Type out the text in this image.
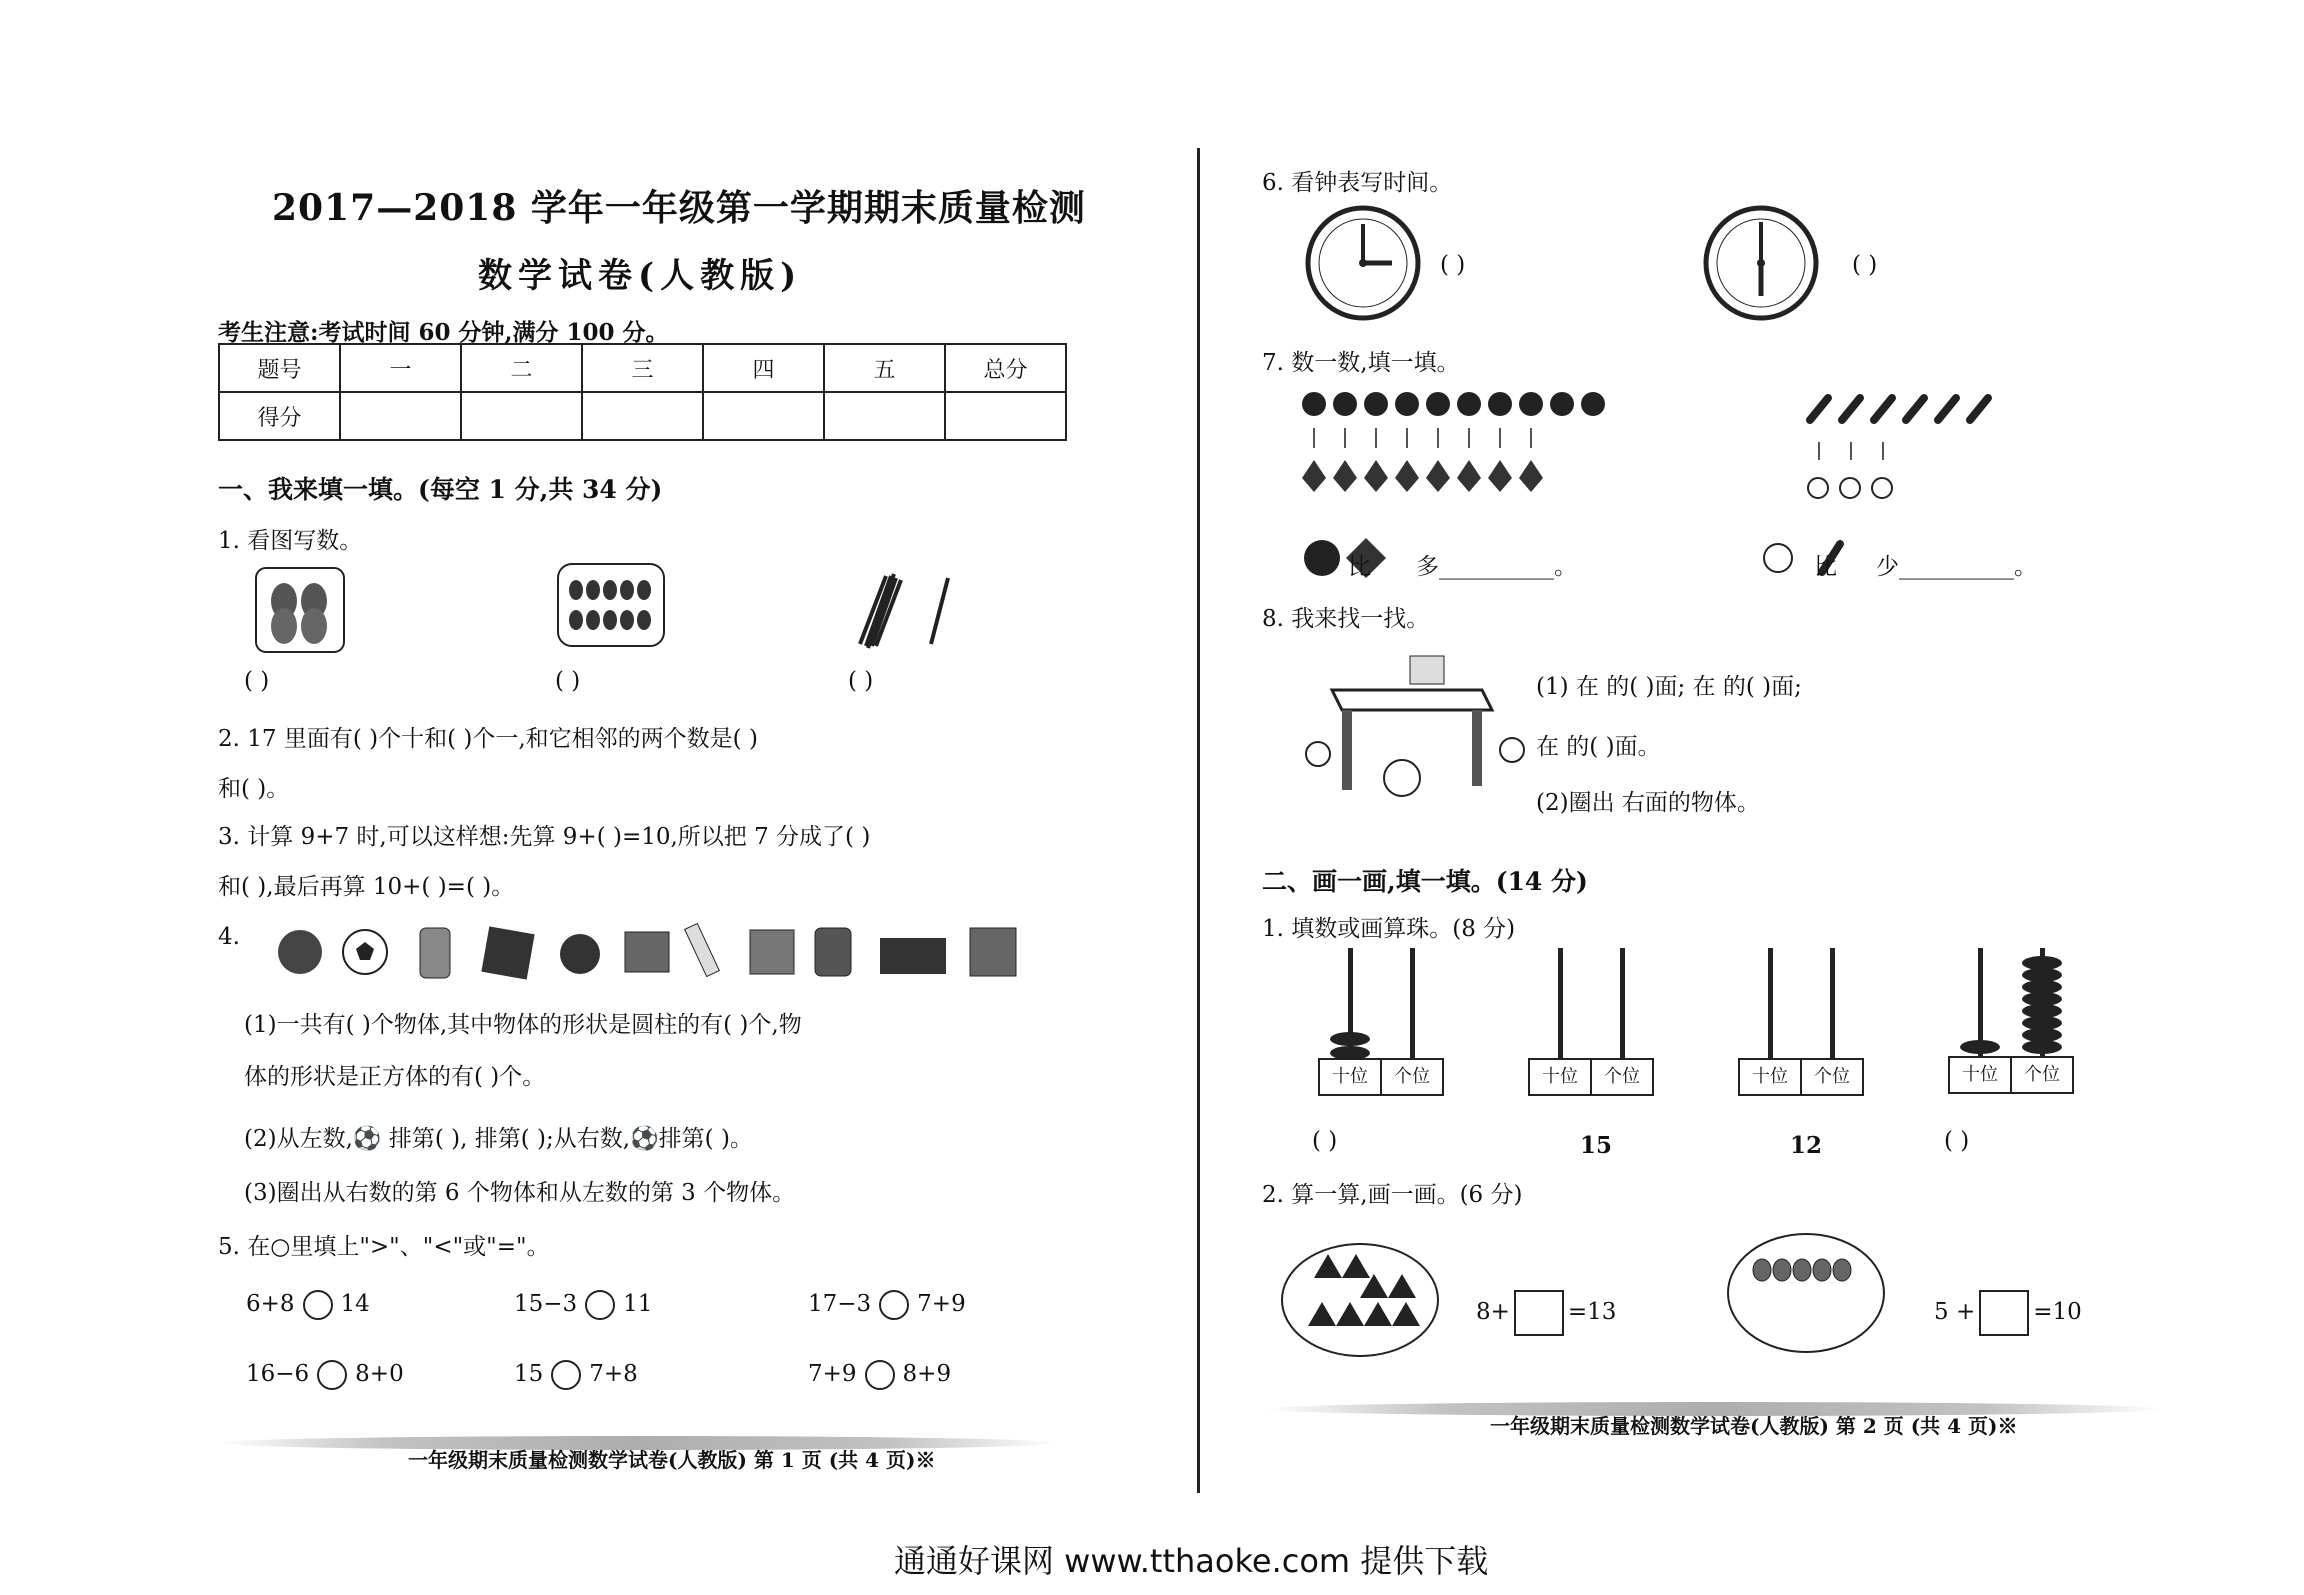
2017—2018 学年一年级第一学期期末质量检测
数学试卷(人教版)
考生注意:考试时间 60 分钟,满分 100 分。
题号	一	二	三	四	五	总分
得分						
一、我来填一填。(每空 1 分,共 34 分)
1. 看图写数。
( )	( )	( )
2. 17 里面有( )个十和( )个一,和它相邻的两个数是( )
和( )。
3. 计算 9+7 时,可以这样想:先算 9+( )=10,所以把 7 分成了( )
和( ),最后再算 10+( )=( )。
4.
(1)一共有( )个物体,其中物体的形状是圆柱的有( )个,物
体的形状是正方体的有( )个。
(2)从左数,⚽ 排第( ), 排第( );从右数,⚽排第( )。
(3)圈出从右数的第 6 个物体和从左数的第 3 个物体。
5. 在○里填上">"、"<"或"="。
6+8 14	15−3 11	17−3 7+9
16−6 8+0	15 7+8	7+9 8+9
一年级期末质量检测数学试卷(人教版) 第 1 页 (共 4 页)※
6. 看钟表写时间。
( )	( )
7. 数一数,填一填。
比 多__________。	比 少__________。
8. 我来找一找。
(1) 在 的( )面; 在 的( )面;
在 的( )面。
(2)圈出 右面的物体。
二、画一画,填一填。(14 分)
1. 填数或画算珠。(8 分)
十位	个位
( )
十位	个位
15
十位	个位
12
十位	个位
( )
2. 算一算,画一画。(6 分)
8+	=13	5 +	=10
一年级期末质量检测数学试卷(人教版) 第 2 页 (共 4 页)※
通通好课网 www.tthaoke.com 提供下载
